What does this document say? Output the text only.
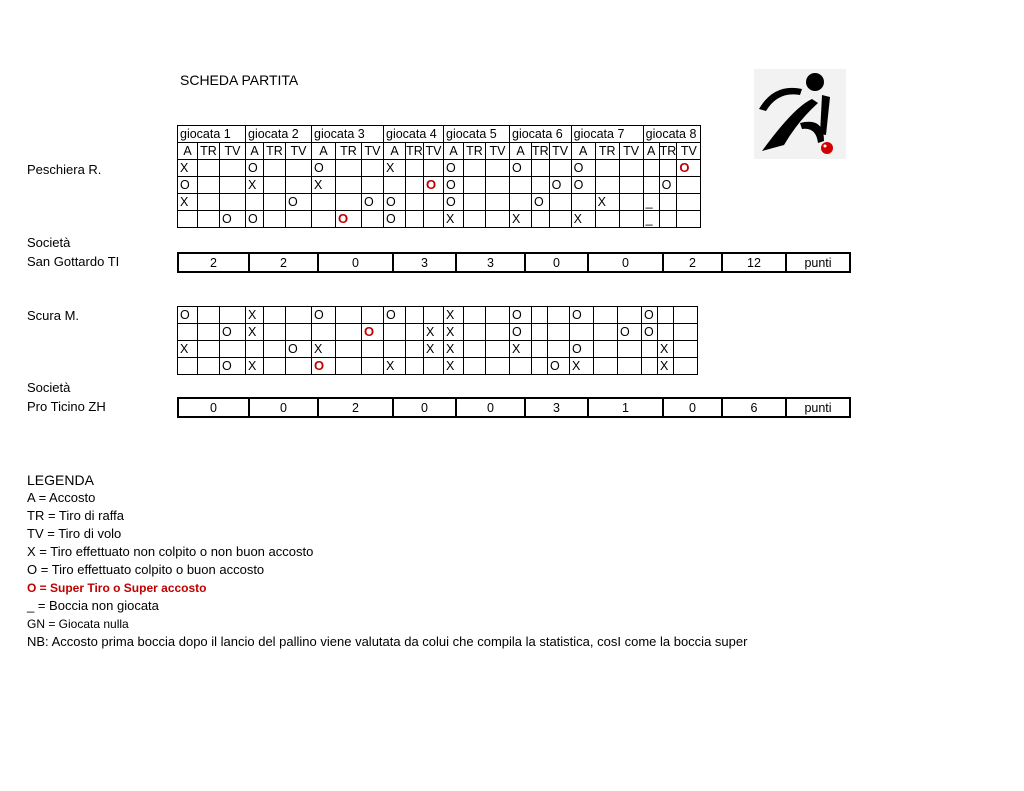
SCHEDA PARTITA
Peschiera R.
giocata 1			giocata 2			giocata 3			giocata 4			giocata 5			giocata 6			giocata 7			giocata 8		
A	TR	TV	A	TR	TV	A	TR	TV	A	TR	TV	A	TR	TV	A	TR	TV	A	TR	TV	A	TR	TV
X			O			O			X			O			O			O					O
O			X			X					O	O					O	O				O	
X					O			O	O			O				O			X		_		
		O	O				O		O			X			X			X			_		
Società
San Gottardo TI	2	2	0	3	3	0	0	2	12	punti
Scura M.	O			X			O			O			X			O			O			O		
		O	X					O			X	X			O					O	O		
X					O	X					X	X			X			O				X	
		O	X			O			X			X					O	X				X	
Società
Pro Ticino ZH	0	0	2	0	0	3	1	0	6	punti
LEGENDA
A = Accosto
TR = Tiro di raffa
TV = Tiro di volo
X = Tiro effettuato non colpito o non buon accosto
O = Tiro effettuato colpito o buon accosto
O = Super Tiro o Super accosto
_ = Boccia non giocata
GN = Giocata nulla
NB: Accosto prima boccia dopo il lancio del pallino viene valutata da colui che compila la statistica, cosI come la boccia super
